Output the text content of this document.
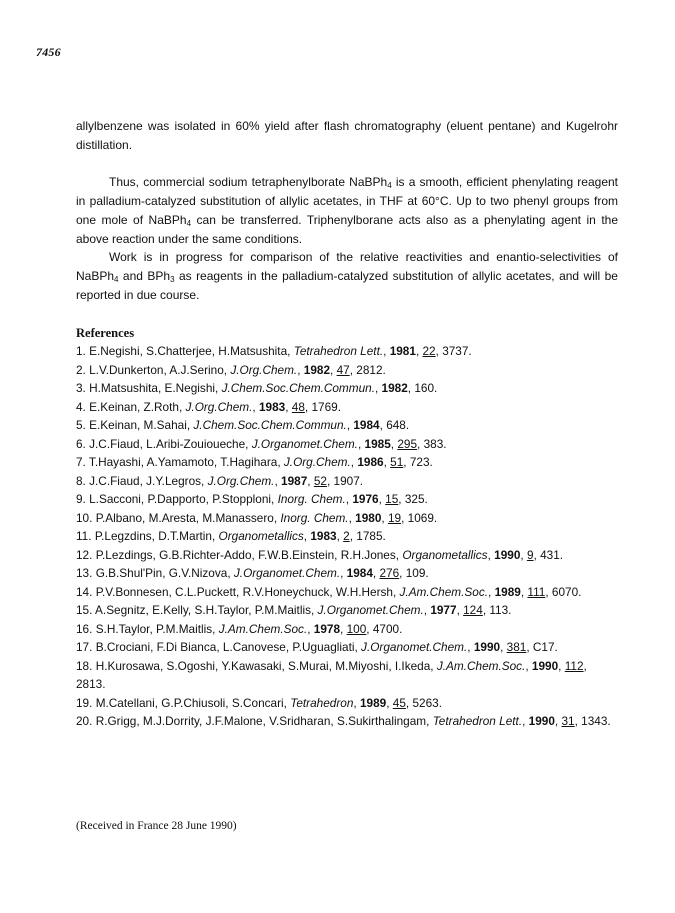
7456

allylbenzene was isolated in 60% yield after flash chromatography (eluent pentane) and Kugelrohr distillation.

Thus, commercial sodium tetraphenylborate NaBPh$_4$ is a smooth, efficient phenylating reagent in palladium-catalyzed substitution of allylic acetates, in THF at 60°C. Up to two phenyl groups from one mole of NaBPh$_4$ can be transferred. Triphenylborane acts also as a phenylating agent in the above reaction under the same conditions.

Work is in progress for comparison of the relative reactivities and enantio-selectivities of NaBPh$_4$ and BPh$_3$ as reagents in the palladium-catalyzed substitution of allylic acetates, and will be reported in due course.

References
1. E.Negishi, S.Chatterjee, H.Matsushita, Tetrahedron Lett., 1981, 22, 3737.
2. L.V.Dunkerton, A.J.Serino, J.Org.Chem., 1982, 47, 2812.
3. H.Matsushita, E.Negishi, J.Chem.Soc.Chem.Commun., 1982, 160.
4. E.Keinan, Z.Roth, J.Org.Chem., 1983, 48, 1769.
5. E.Keinan, M.Sahai, J.Chem.Soc.Chem.Commun., 1984, 648.
6. J.C.Fiaud, L.Aribi-Zouioueche, J.Organomet.Chem., 1985, 295, 383.
7. T.Hayashi, A.Yamamoto, T.Hagihara, J.Org.Chem., 1986, 51, 723.
8. J.C.Fiaud, J.Y.Legros, J.Org.Chem., 1987, 52, 1907.
9. L.Sacconi, P.Dapporto, P.Stopploni, Inorg. Chem., 1976, 15, 325.
10. P.Albano, M.Aresta, M.Manassero, Inorg. Chem., 1980, 19, 1069.
11. P.Legzdins, D.T.Martin, Organometallics, 1983, 2, 1785.
12. P.Lezdings, G.B.Richter-Addo, F.W.B.Einstein, R.H.Jones, Organometallics, 1990, 9, 431.
13. G.B.Shul'Pin, G.V.Nizova, J.Organomet.Chem., 1984, 276, 109.
14. P.V.Bonnesen, C.L.Puckett, R.V.Honeychuck, W.H.Hersh, J.Am.Chem.Soc., 1989, 111, 6070.
15. A.Segnitz, E.Kelly, S.H.Taylor, P.M.Maitlis, J.Organomet.Chem., 1977, 124, 113.
16. S.H.Taylor, P.M.Maitlis, J.Am.Chem.Soc., 1978, 100, 4700.
17. B.Crociani, F.Di Bianca, L.Canovese, P.Uguagliati, J.Organomet.Chem., 1990, 381, C17.
18. H.Kurosawa, S.Ogoshi, Y.Kawasaki, S.Murai, M.Miyoshi, I.Ikeda, J.Am.Chem.Soc., 1990, 112, 2813.
19. M.Catellani, G.P.Chiusoli, S.Concari, Tetrahedron, 1989, 45, 5263.
20. R.Grigg, M.J.Dorrity, J.F.Malone, V.Sridharan, S.Sukirthalingam, Tetrahedron Lett., 1990, 31, 1343.
(Received in France 28 June 1990)
